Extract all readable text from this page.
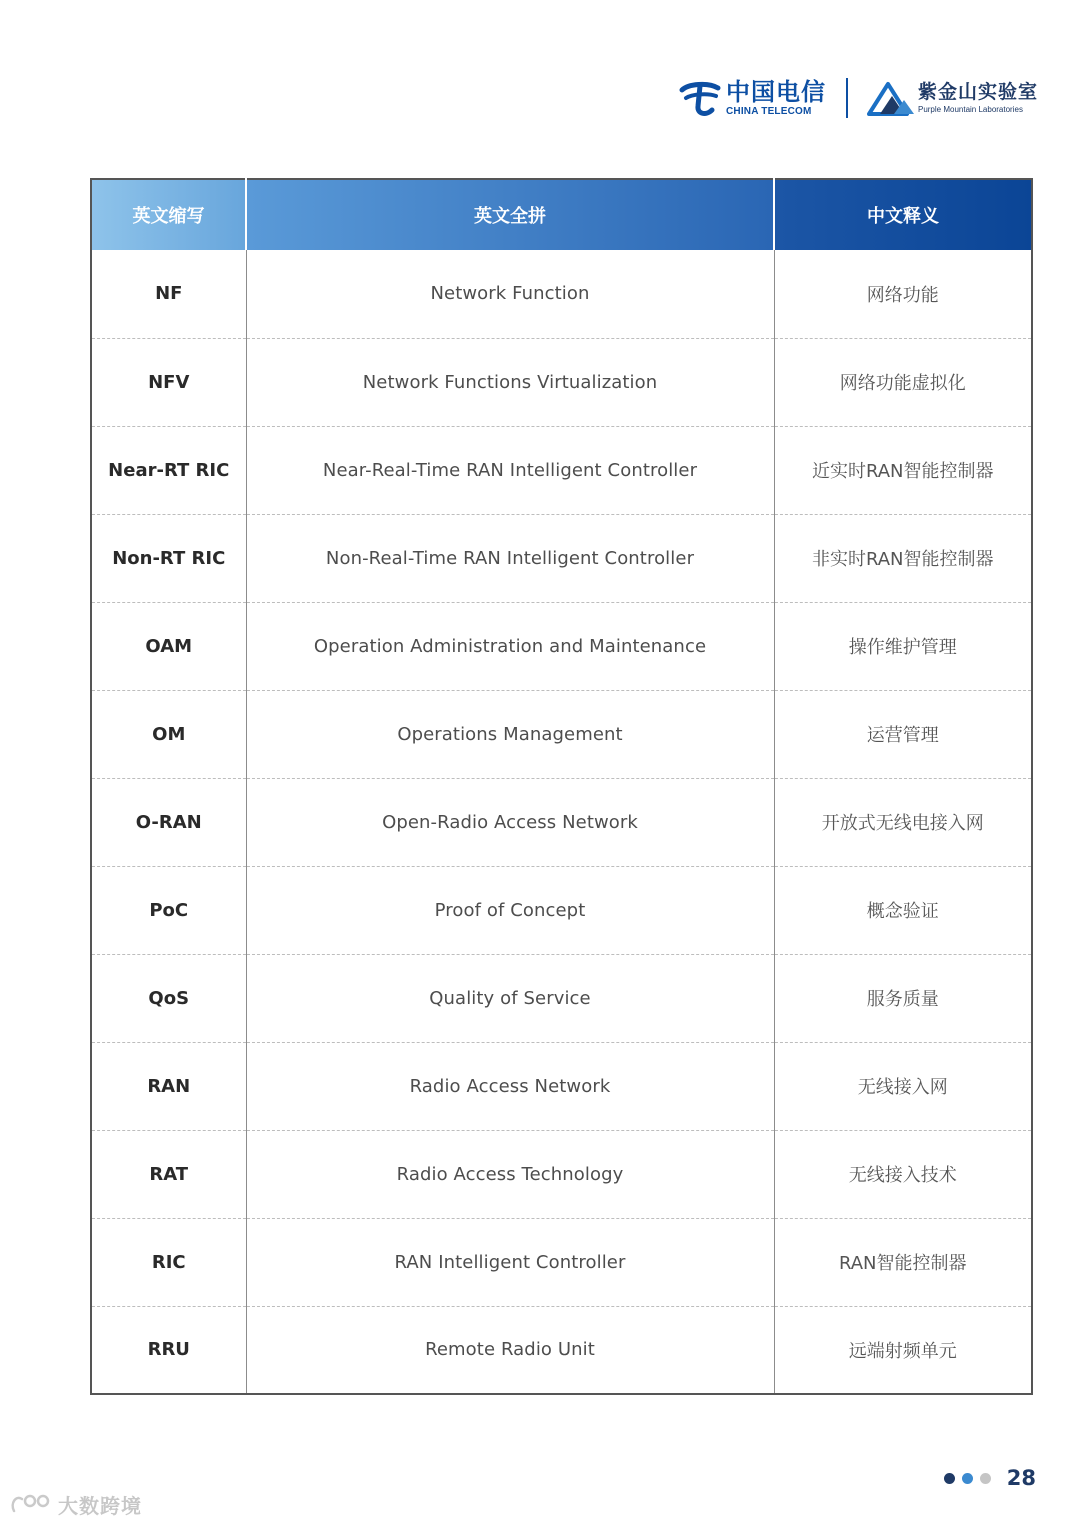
中国电信
CHINA TELECOM
紫金山实验室
Purple Mountain Laboratories
英文缩写	英文全拼	中文释义
NF	Network Function	网络功能
NFV	Network Functions Virtualization	网络功能虚拟化
Near-RT RIC	Near-Real-Time RAN Intelligent Controller	近实时RAN智能控制器
Non-RT RIC	Non-Real-Time RAN Intelligent Controller	非实时RAN智能控制器
OAM	Operation Administration and Maintenance	操作维护管理
OM	Operations Management	运营管理
O-RAN	Open-Radio Access Network	开放式无线电接入网
PoC	Proof of Concept	概念验证
QoS	Quality of Service	服务质量
RAN	Radio Access Network	无线接入网
RAT	Radio Access Technology	无线接入技术
RIC	RAN Intelligent Controller	RAN智能控制器
RRU	Remote Radio Unit	远端射频单元
28
大数跨境
